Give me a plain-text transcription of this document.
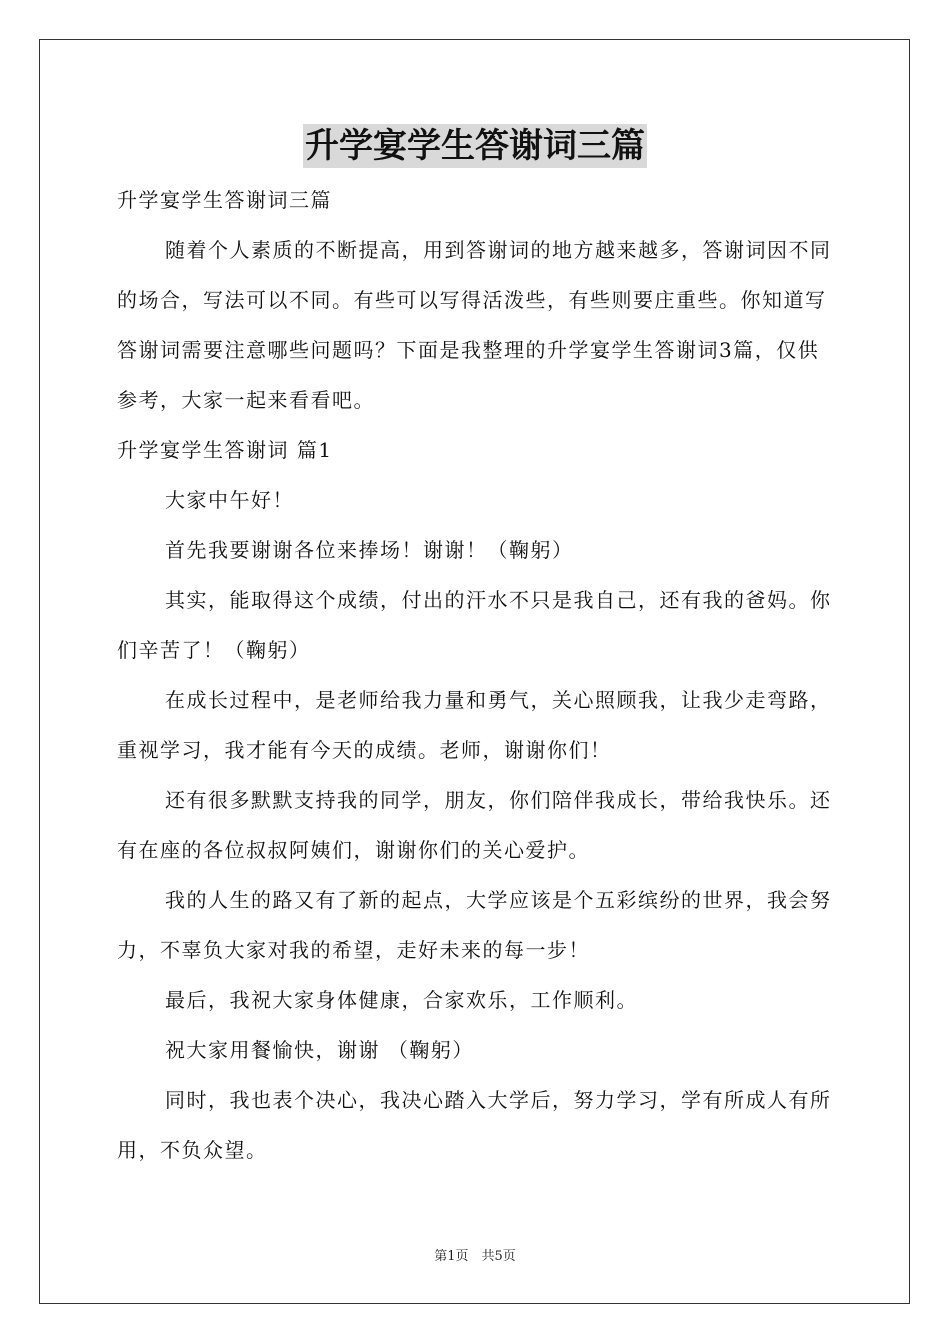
升学宴学生答谢词三篇

升学宴学生答谢词三篇

随着个人素质的不断提高，用到答谢词的地方越来越多，答谢词因不同的场合，写法可以不同。有些可以写得活泼些，有些则要庄重些。你知道写答谢词需要注意哪些问题吗？下面是我整理的升学宴学生答谢词3篇，仅供参考，大家一起来看看吧。

升学宴学生答谢词 篇1

大家中午好！

首先我要谢谢各位来捧场！谢谢！（鞠躬）

其实，能取得这个成绩，付出的汗水不只是我自己，还有我的爸妈。你们辛苦了！（鞠躬）

在成长过程中，是老师给我力量和勇气，关心照顾我，让我少走弯路，重视学习，我才能有今天的成绩。老师，谢谢你们！

还有很多默默支持我的同学，朋友，你们陪伴我成长，带给我快乐。还有在座的各位叔叔阿姨们，谢谢你们的关心爱护。

我的人生的路又有了新的起点，大学应该是个五彩缤纷的世界，我会努力，不辜负大家对我的希望，走好未来的每一步！

最后，我祝大家身体健康，合家欢乐，工作顺利。

祝大家用餐愉快，谢谢 （鞠躬）

同时，我也表个决心，我决心踏入大学后，努力学习，学有所成人有所用，不负众望。

第1页　共5页
